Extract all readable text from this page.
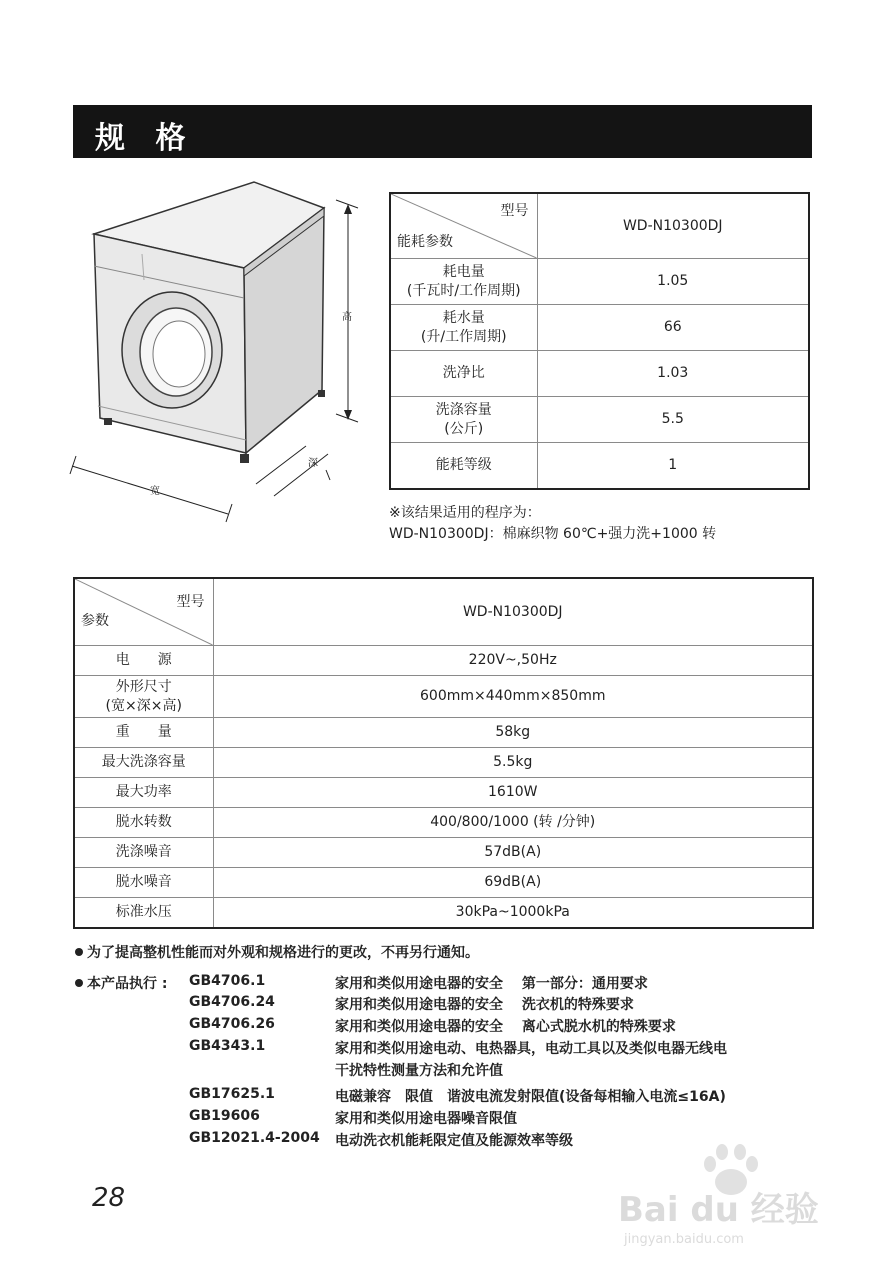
规 格
高
深
宽
型号
能耗参数	WD-N10300DJ
耗电量
(千瓦时/工作周期)	1.05
耗水量
(升/工作周期)	66
洗净比	1.03
洗涤容量
(公斤)	5.5
能耗等级	1
※该结果适用的程序为：
WD-N10300DJ：棉麻织物 60℃+强力洗+1000 转
型号
参数	WD-N10300DJ
电　　源	220V~,50Hz
外形尺寸
(宽×深×高)	600mm×440mm×850mm
重　　量	58kg
最大洗涤容量	5.5kg
最大功率	1610W
脱水转数	400/800/1000 (转 /分钟)
洗涤噪音	57dB(A)
脱水噪音	69dB(A)
标准水压	30kPa~1000kPa
为了提高整机性能而对外观和规格进行的更改，不再另行通知。
本产品执行 : GB4706.1	家用和类似用途电器的安全　 第一部分：通用要求
GB4706.24	家用和类似用途电器的安全　 洗衣机的特殊要求
GB4706.26	家用和类似用途电器的安全　 离心式脱水机的特殊要求
GB4343.1	家用和类似用途电动、电热器具，电动工具以及类似电器无线电
干扰特性测量方法和允许值
GB17625.1	电磁兼容　限值　谐波电流发射限值(设备每相输入电流≤16A)
GB19606	家用和类似用途电器噪音限值
GB12021.4-2004 电动洗衣机能耗限定值及能源效率等级
28	Bai du 经验
jingyan.baidu.com
